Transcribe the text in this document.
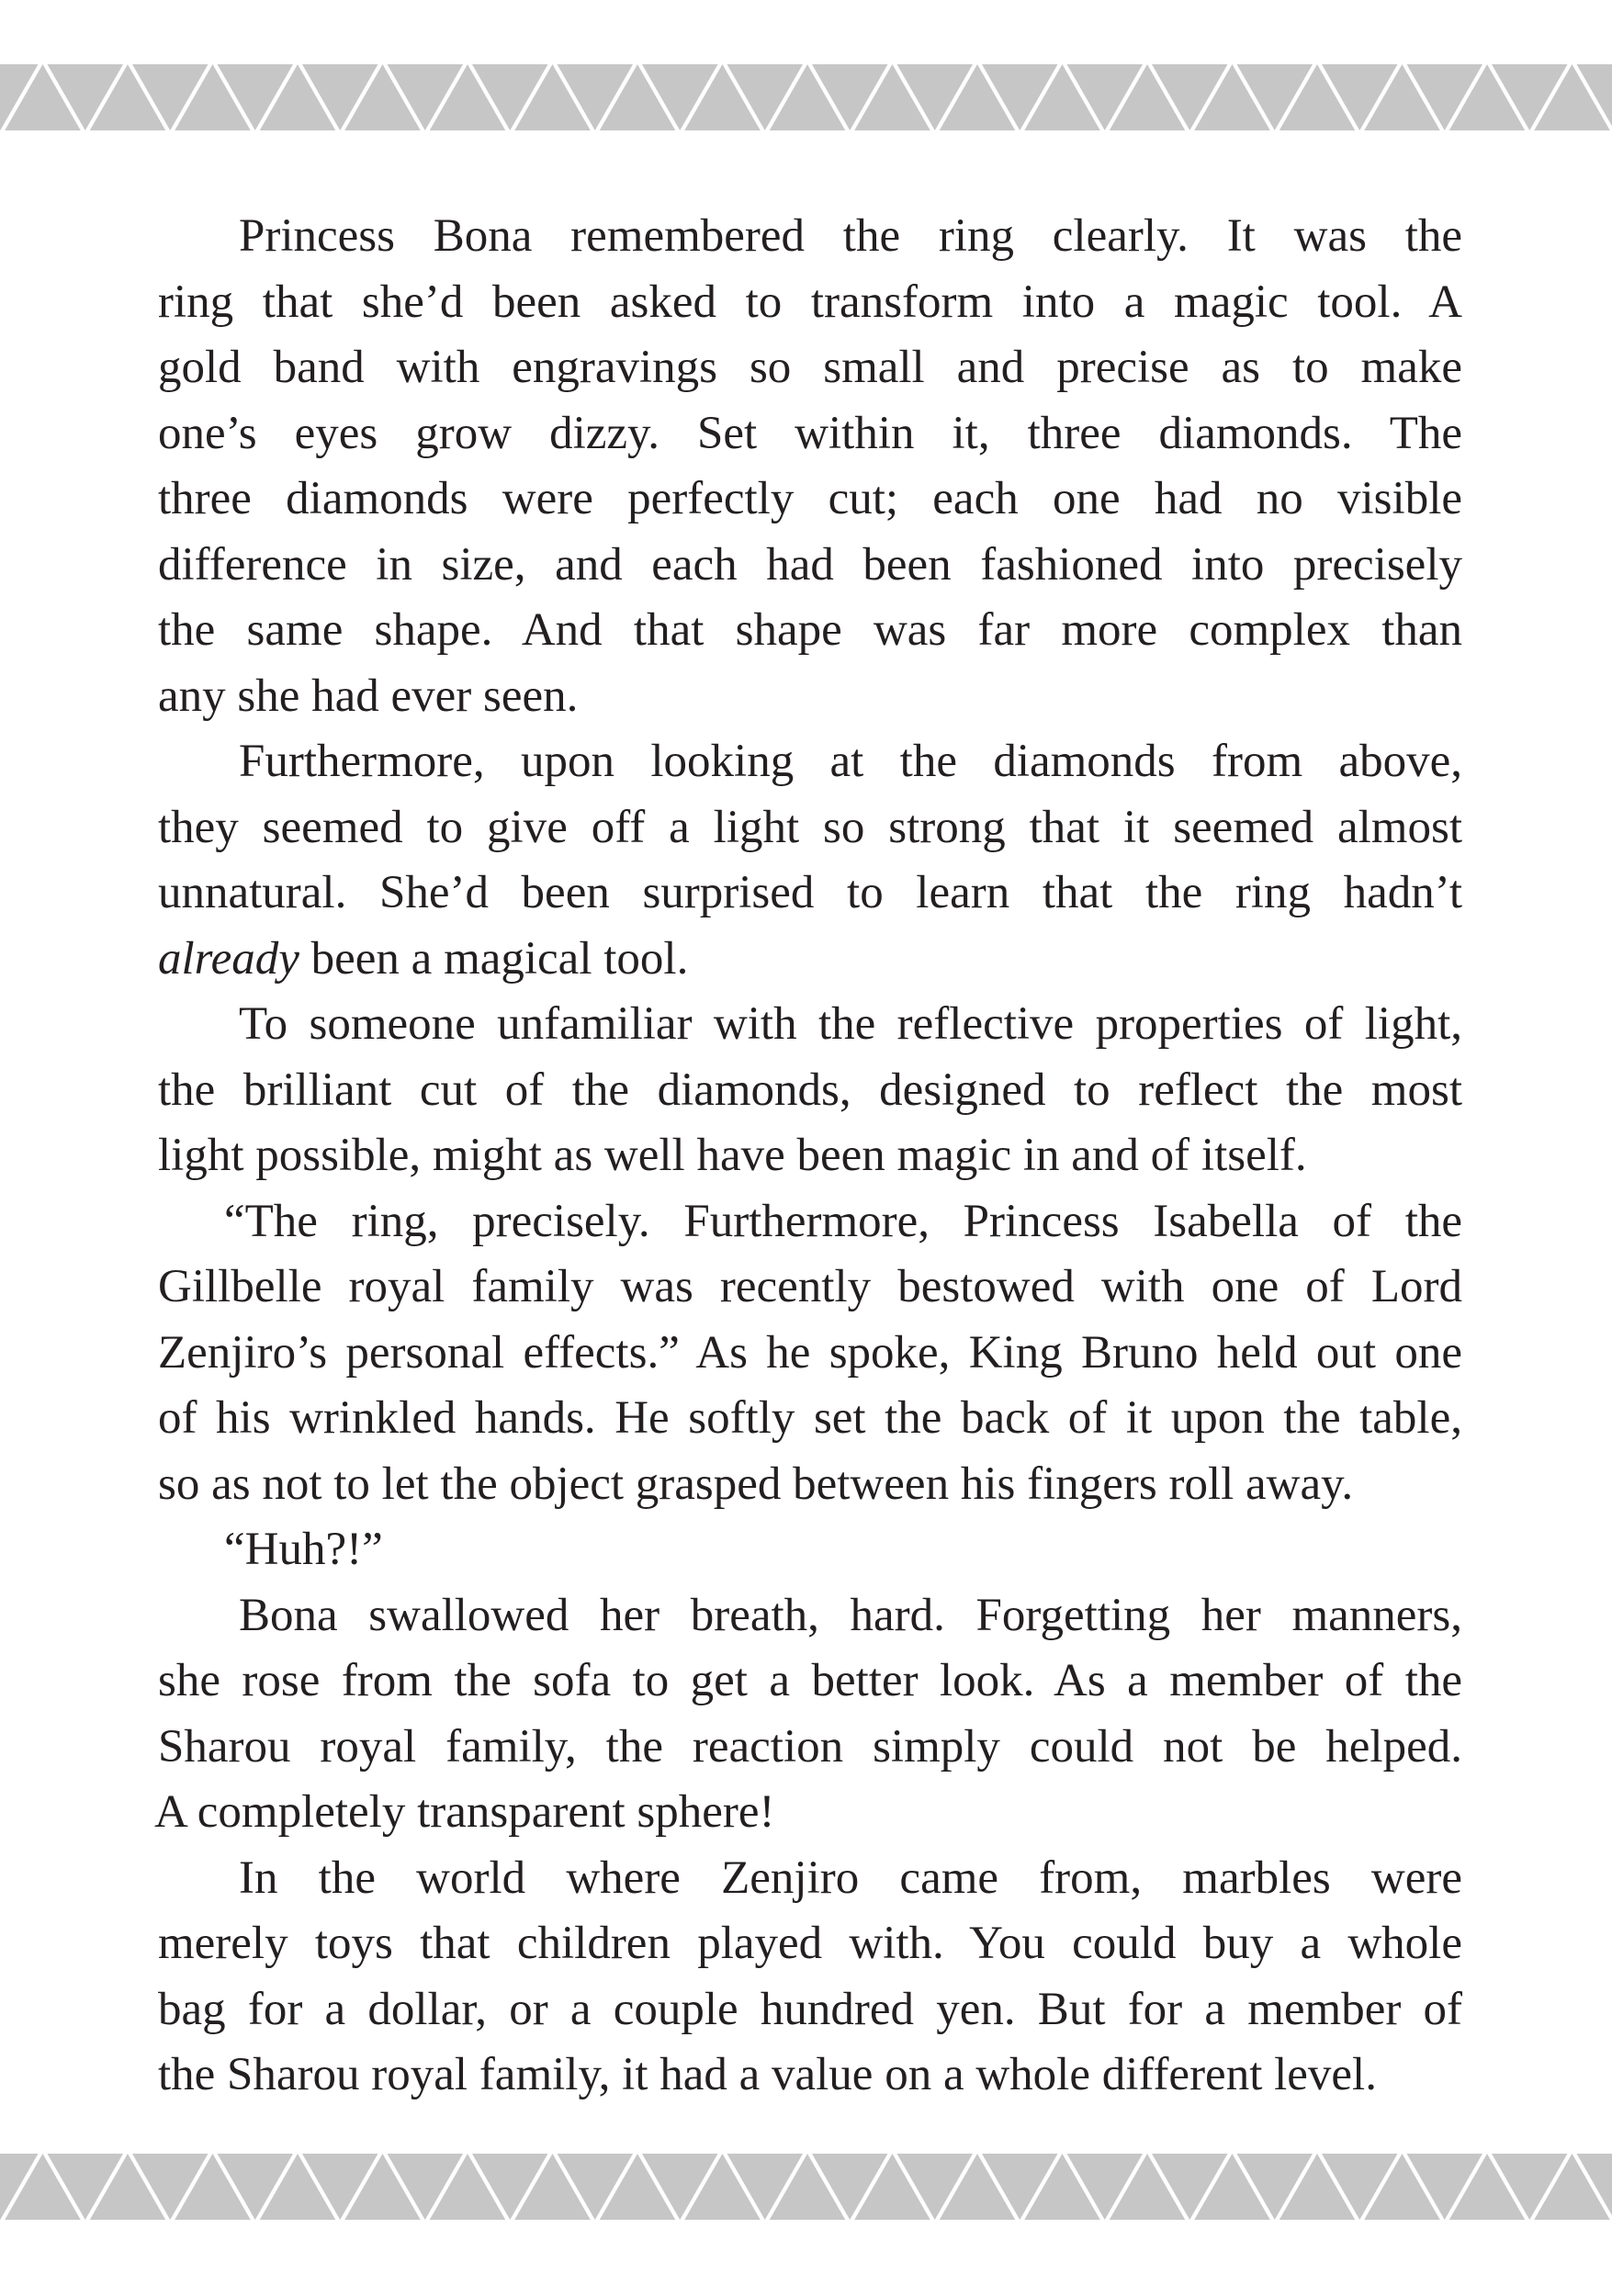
Princess Bona remembered the ring clearly. It was the
ring that she’d been asked to transform into a magic tool. A
gold band with engravings so small and precise as to make
one’s eyes grow dizzy. Set within it, three diamonds. The
three diamonds were perfectly cut; each one had no visible
difference in size, and each had been fashioned into precisely
the same shape. And that shape was far more complex than
any she had ever seen.
Furthermore, upon looking at the diamonds from above,
they seemed to give off a light so strong that it seemed almost
unnatural. She’d been surprised to learn that the ring hadn’t
already been a magical tool.
To someone unfamiliar with the reflective properties of light,
the brilliant cut of the diamonds, designed to reflect the most
light possible, might as well have been magic in and of itself.
“The ring, precisely. Furthermore, Princess Isabella of the
Gillbelle royal family was recently bestowed with one of Lord
Zenjiro’s personal effects.” As he spoke, King Bruno held out one
of his wrinkled hands. He softly set the back of it upon the table,
so as not to let the object grasped between his fingers roll away.
“Huh?!”
Bona swallowed her breath, hard. Forgetting her manners,
she rose from the sofa to get a better look. As a member of the
Sharou royal family, the reaction simply could not be helped.
A completely transparent sphere!
In the world where Zenjiro came from, marbles were
merely toys that children played with. You could buy a whole
bag for a dollar, or a couple hundred yen. But for a member of
the Sharou royal family, it had a value on a whole different level.
